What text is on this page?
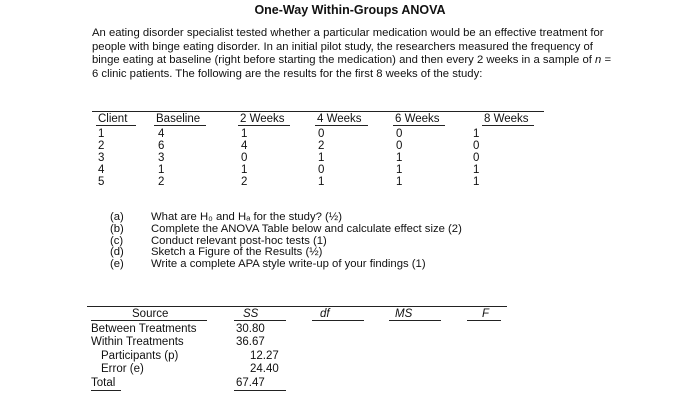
One-Way Within-Groups ANOVA

An eating disorder specialist tested whether a particular medication would be an effective treatment for people with binge eating disorder. In an initial pilot study, the researchers measured the frequency of binge eating at baseline (right before starting the medication) and then every 2 weeks in a sample of n = 6 clinic patients. The following are the results for the first 8 weeks of the study:

Client Baseline	2 Weeks	4 Weeks	6 Weeks	8 Weeks
1	4	1	0	0	1
2	6	4	2	0	0
3	3	0	1	1	0
4	1	1	0	1	1
5	2	2	1	1	1
(a) What are H₀ and Hₐ for the study? (½)
(b) Complete the ANOVA Table below and calculate effect size (2)
(c) Conduct relevant post-hoc tests (1)
(d) Sketch a Figure of the Results (½)
(e) Write a complete APA style write-up of your findings (1)
Source	SS	df	MS	F
Between Treatments	30.80
Within Treatments	36.67
Participants (p)	12.27
Error (e)	24.40
Total	67.47
